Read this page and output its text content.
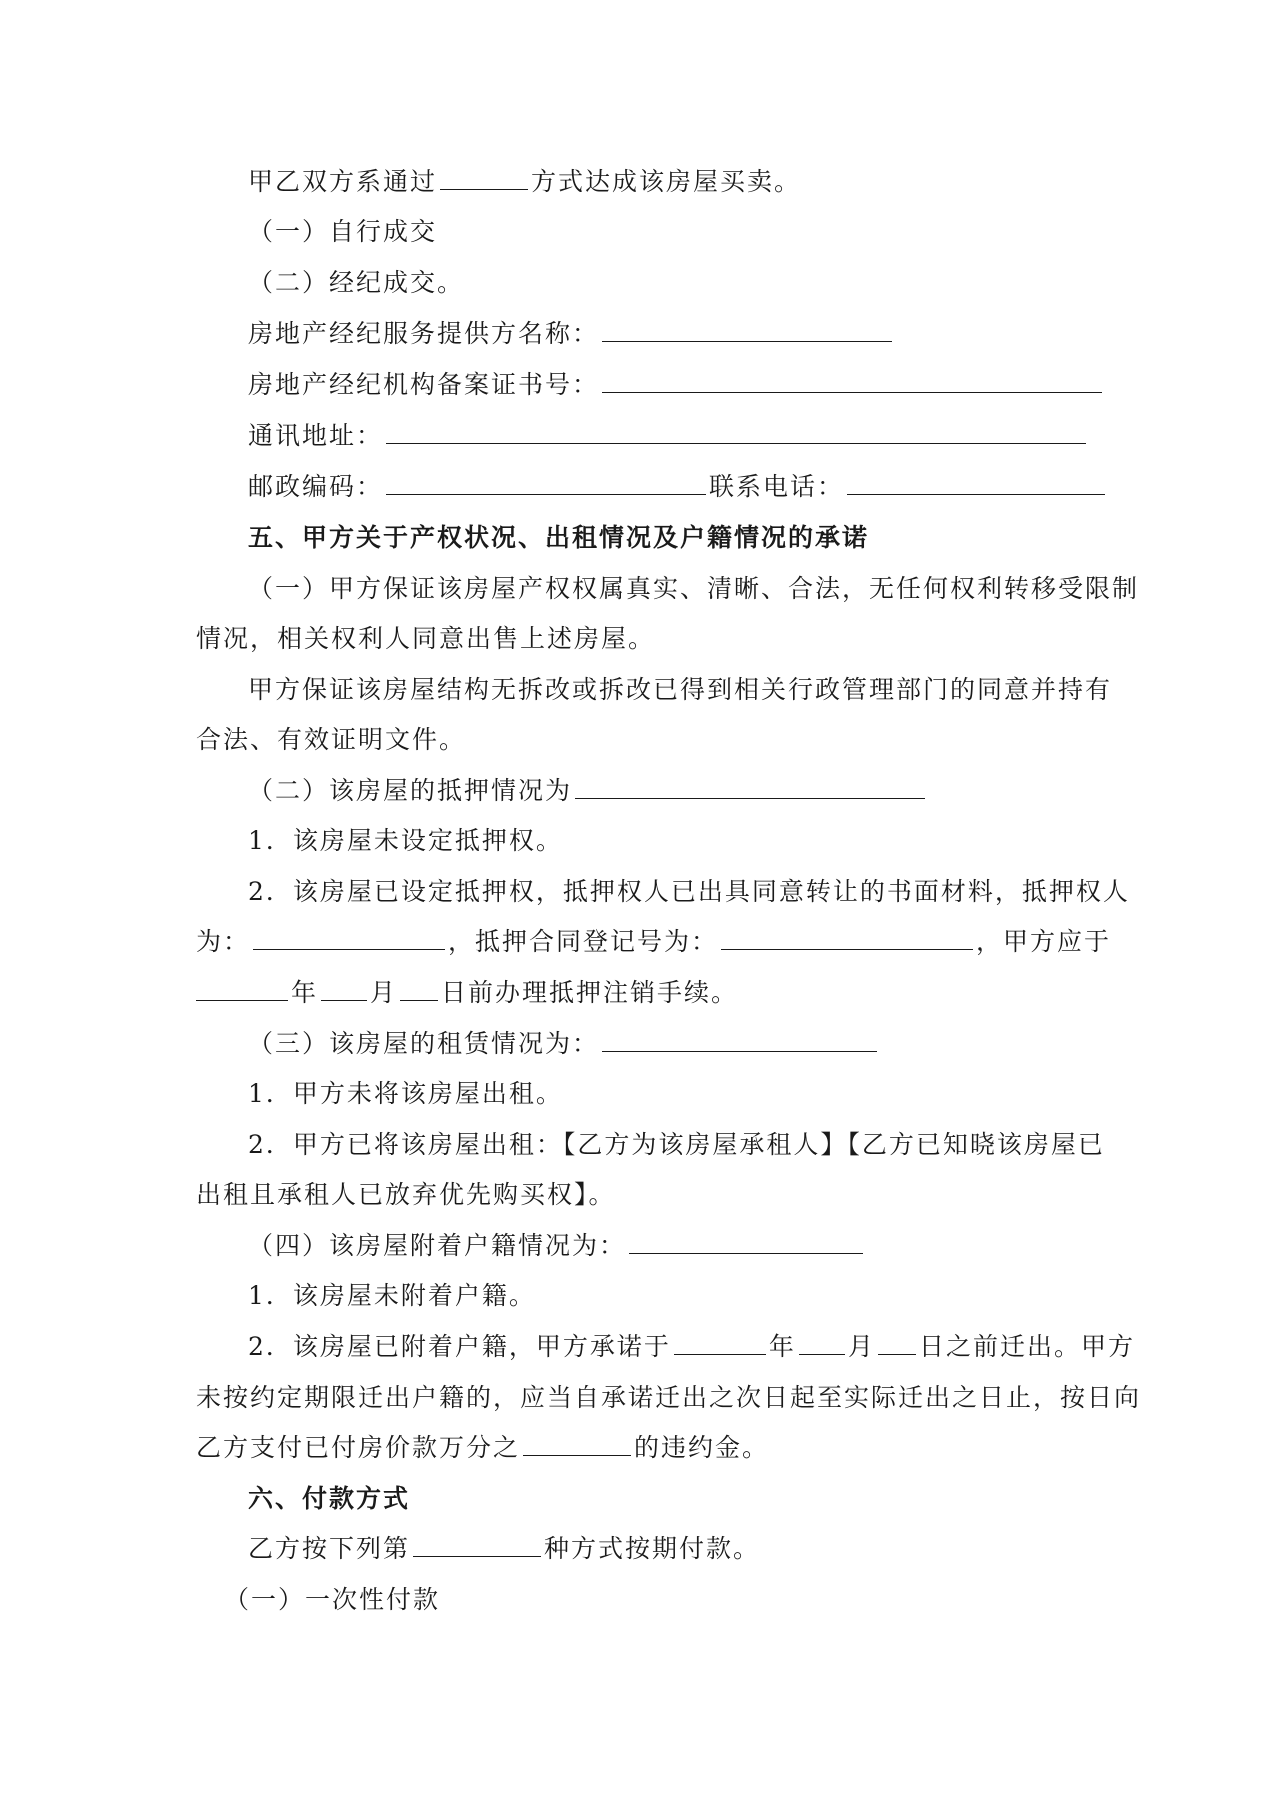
甲乙双方系通过	方式达成该房屋买卖。
（一）自行成交
（二）经纪成交。
房地产经纪服务提供方名称：
房地产经纪机构备案证书号：
通讯地址：
邮政编码：	联系电话：
五、甲方关于产权状况、出租情况及户籍情况的承诺
（一）甲方保证该房屋产权权属真实、清晰、合法，无任何权利转移受限制
情况，相关权利人同意出售上述房屋。
甲方保证该房屋结构无拆改或拆改已得到相关行政管理部门的同意并持有
合法、有效证明文件。
（二）该房屋的抵押情况为
1．该房屋未设定抵押权。
2．该房屋已设定抵押权，抵押权人已出具同意转让的书面材料，抵押权人
为：	，抵押合同登记号为：	，甲方应于
年 月 日前办理抵押注销手续。
（三）该房屋的租赁情况为：
1．甲方未将该房屋出租。
2．甲方已将该房屋出租：【乙方为该房屋承租人】【乙方已知晓该房屋已
出租且承租人已放弃优先购买权】。
（四）该房屋附着户籍情况为：
1．该房屋未附着户籍。
2．该房屋已附着户籍，甲方承诺于	年 月 日之前迁出。甲方
未按约定期限迁出户籍的，应当自承诺迁出之次日起至实际迁出之日止，按日向
乙方支付已付房价款万分之	的违约金。
六、付款方式
乙方按下列第	种方式按期付款。
（一）一次性付款
